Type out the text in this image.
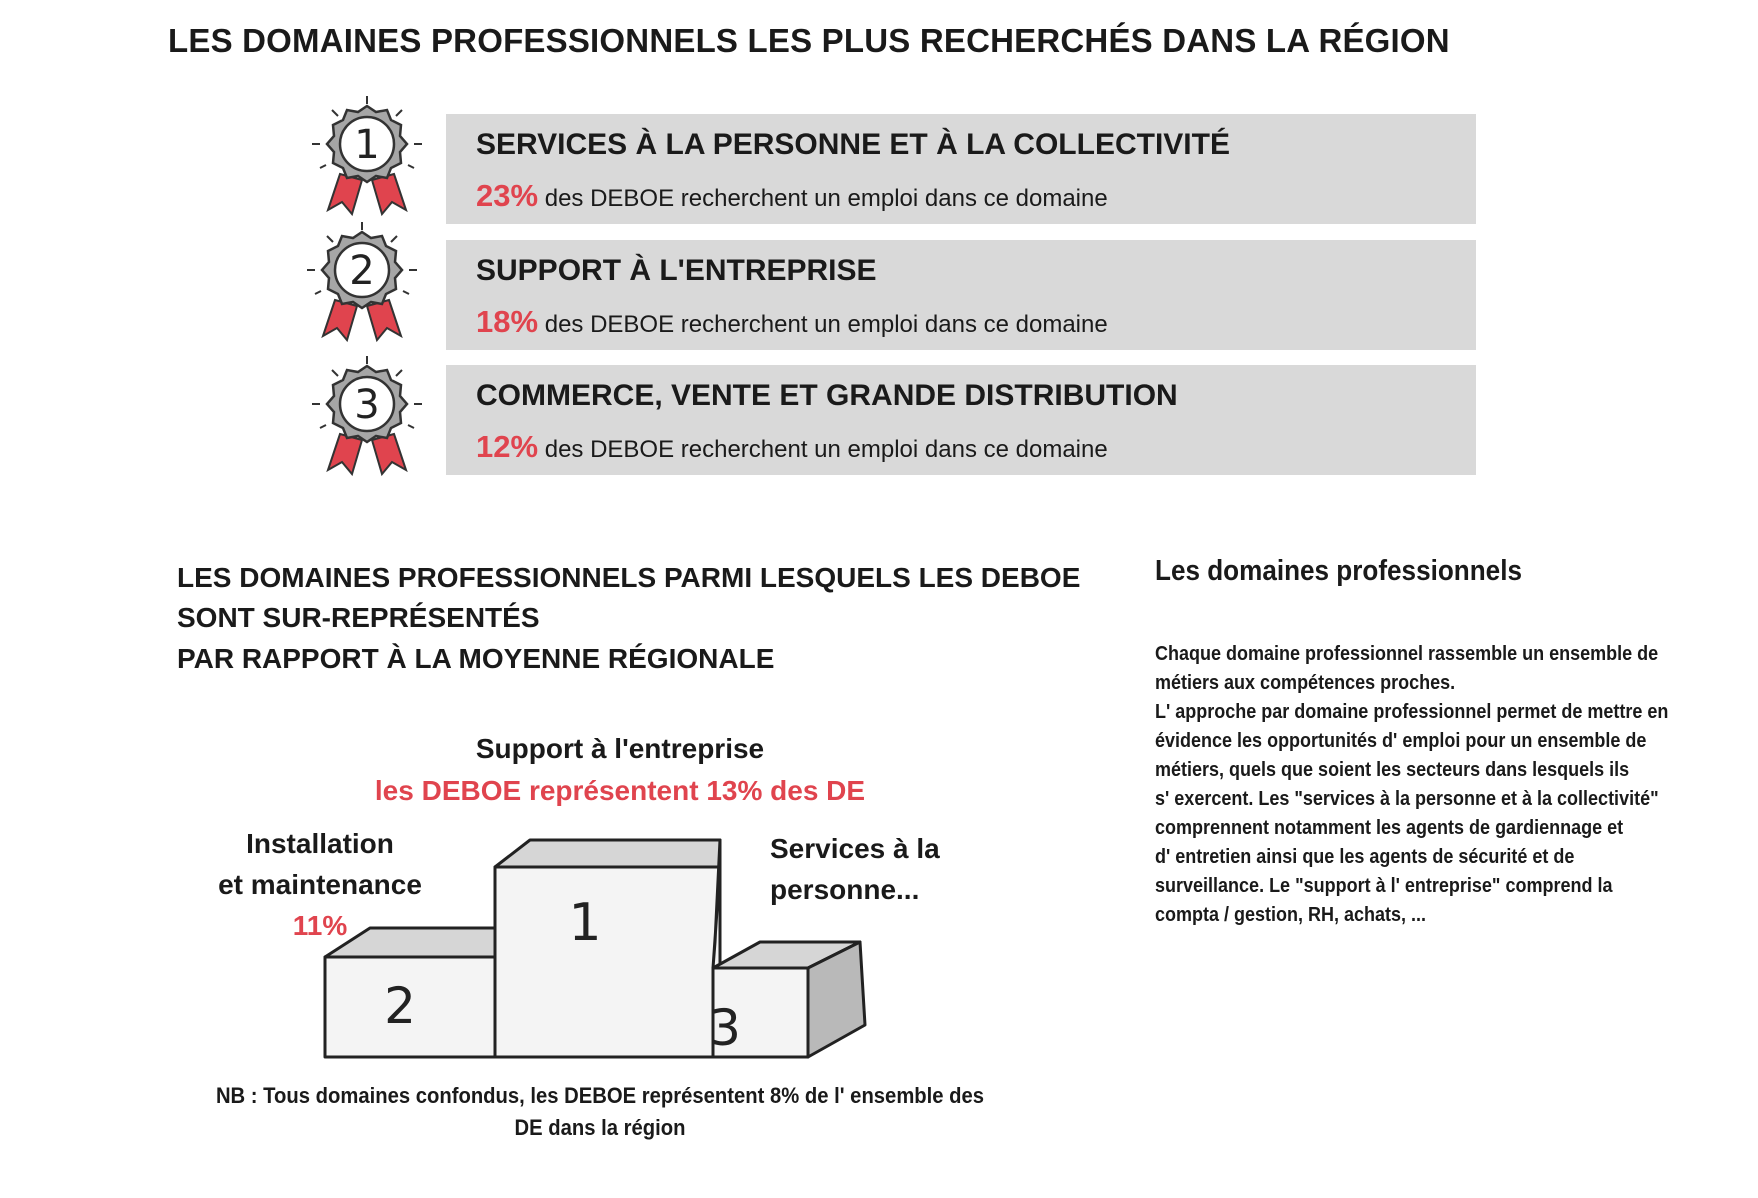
LES DOMAINES PROFESSIONNELS LES PLUS RECHERCHÉS DANS LA RÉGION
SERVICES À LA PERSONNE ET À LA COLLECTIVITÉ
23% des DEBOE recherchent un emploi dans ce domaine
SUPPORT À L'ENTREPRISE
18% des DEBOE recherchent un emploi dans ce domaine
COMMERCE, VENTE ET GRANDE DISTRIBUTION
12% des DEBOE recherchent un emploi dans ce domaine
1
2
3
LES DOMAINES PROFESSIONNELS PARMI LESQUELS LES DEBOE
SONT SUR-REPRÉSENTÉS
PAR RAPPORT À LA MOYENNE RÉGIONALE
Support à l'entreprise
les DEBOE représentent 13% des DE
Installation
et maintenance
11%
Services à la
personne...
1
2	3
NB : Tous domaines confondus, les DEBOE représentent 8% de l' ensemble des
DE dans la région
Les domaines professionnels

Chaque domaine professionnel rassemble un ensemble de

métiers aux compétences proches.

L' approche par domaine professionnel permet de mettre en

évidence les opportunités d' emploi pour un ensemble de

métiers, quels que soient les secteurs dans lesquels ils

s' exercent. Les "services à la personne et à la collectivité"

comprennent notamment les agents de gardiennage et

d' entretien ainsi que les agents de sécurité et de

surveillance. Le "support à l' entreprise" comprend la

compta / gestion, RH, achats, ...
